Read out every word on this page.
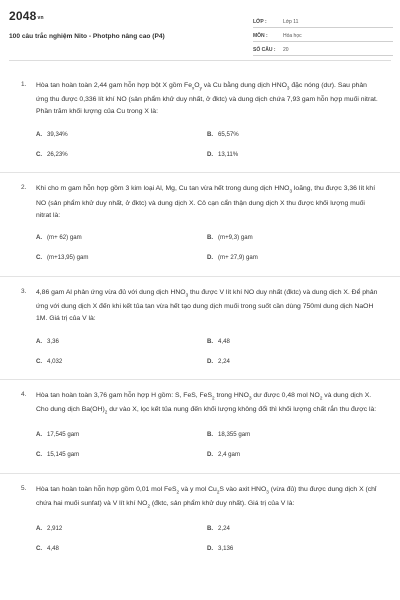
$2048_{vn}$
100 câu trắc nghiệm Nito - Photpho nâng cao (P4)
LỚP :	Lớp 11
MÔN :	Hóa học
SỐ CÂU :	20
1. Hòa tan hoàn toàn 2,44 gam hỗn hợp bột X gồm $Fe_xO_y$ và Cu bằng dung dịch $HNO_3$ đặc nóng (dư). Sau phản ứng thu được 0,336 lít khí NO (sản phẩm khử duy nhất, ở đktc) và dung dịch chứa 7,93 gam hỗn hợp muối nitrat. Phần trăm khối lượng của Cu trong X là:
A. 39,34%	B. 65,57%
C. 26,23%	D. 13,11%
2. Khi cho m gam hỗn hợp gồm 3 kim loại Al, Mg, Cu tan vừa hết trong dung dịch $HNO_3$ loãng, thu được 3,36 lít khí NO (sản phẩm khử duy nhất, ở đktc) và dung dịch X. Cô cạn cẩn thận dung dịch X thu được khối lượng muối nitrat là:
A. (m+ 62) gam	B. (m+9,3) gam
C. (m+13,95) gam	D. (m+ 27,9) gam
3. 4,86 gam Al phản ứng vừa đủ với dung dịch $HNO_3$ thu được V lít khí NO duy nhất (đktc) và dung dịch X. Để phản ứng với dung dịch X đến khi kết tủa tan vừa hết tạo dung dịch muối trong suốt cần dùng 750ml dung dịch NaOH 1M. Giá trị của V là:
A. 3,36	B. 4,48
C. 4,032	D. 2,24
4. Hòa tan hoàn toàn 3,76 gam hỗn hợp H gồm: S, FeS, FeS$_2$ trong $HNO_3$ dư được 0,48 mol $NO_2$ và dung dịch X. Cho dung dịch $Ba(OH)_2$ dư vào X, lọc kết tủa nung đến khối lượng không đổi thì khối lượng chất rắn thu được là:
A. 17,545 gam	B. 18,355 gam
C. 15,145 gam	D. 2,4 gam
5. Hòa tan hoàn toàn hỗn hợp gồm 0,01 mol FeS$_2$ và y mol $Cu_2S$ vào axit $HNO_3$ (vừa đủ) thu được dung dịch X (chỉ chứa hai muối sunfat) và V lít khí $NO_2$ (đktc, sản phẩm khử duy nhất). Giá trị của V là:
A. 2,912	B. 2,24
C. 4,48	D. 3,136
